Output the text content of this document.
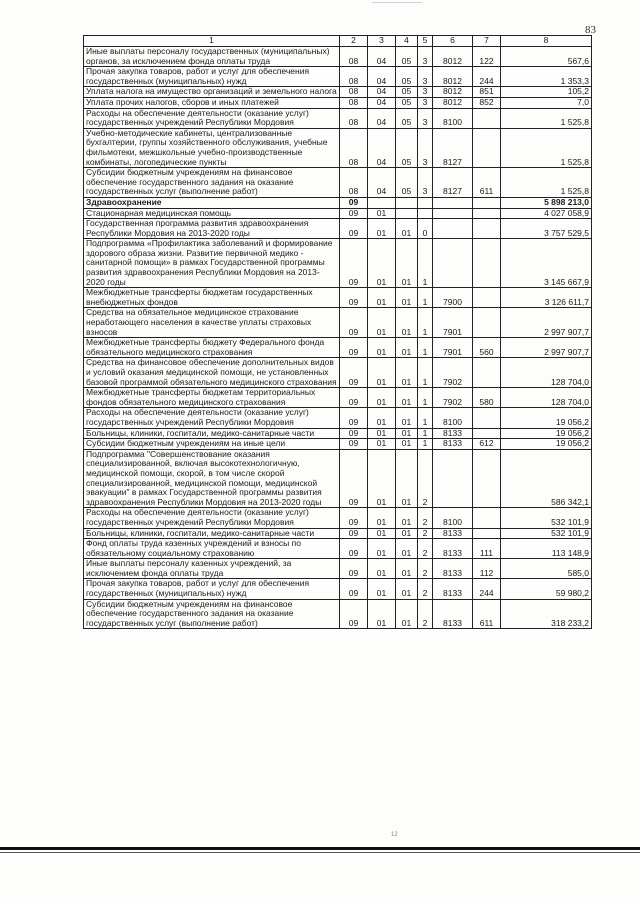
83
1	2	3	4	5	6	7	8
Иные выплаты персоналу государственных (муниципальных) органов, за исключением фонда оплаты труда	08	04	05	3	8012	122	567,6
Прочая закупка товаров, работ и услуг для обеспечения государственных (муниципальных) нужд	08	04	05	3	8012	244	1 353,3
Уплата налога на имущество организаций и земельного налога	08	04	05	3	8012	851	105,2
Уплата прочих налогов, сборов и иных платежей	08	04	05	3	8012	852	7,0
Расходы на обеспечение деятельности (оказание услуг) государственных учреждений Республики Мордовия	08	04	05	3	8100		1 525,8
Учебно-методические кабинеты, централизованные бухгалтерии, группы хозяйственного обслуживания, учебные фильмотеки, межшкольные учебно-производственные комбинаты, логопедические пункты	08	04	05	3	8127		1 525,8
Субсидии бюджетным учреждениям на финансовое обеспечение государственного задания на оказание государственных услуг (выполнение работ)	08	04	05	3	8127	611	1 525,8
Здравоохранение	09						5 898 213,0
Стационарная медицинская помощь	09	01					4 027 058,9
Государственная программа развития здравоохранения Республики Мордовия на 2013-2020 годы	09	01	01	0			3 757 529,5
Подпрограмма «Профилактика заболеваний и формирование здорового образа жизни. Развитие первичной медико - санитарной помощи» в рамках Государственной программы развития здравоохранения Республики Мордовия на 2013-2020 годы	09	01	01	1			3 145 667,9
Межбюджетные трансферты бюджетам государственных внебюджетных фондов	09	01	01	1	7900		3 126 611,7
Средства на обязательное медицинское страхование неработающего населения в качестве уплаты страховых взносов	09	01	01	1	7901		2 997 907,7
Межбюджетные трансферты бюджету Федерального фонда обязательного медицинского страхования	09	01	01	1	7901	560	2 997 907,7
Средства на финансовое обеспечение дополнительных видов и условий оказания медицинской помощи, не установленных базовой программой обязательного медицинского страхования	09	01	01	1	7902		128 704,0
Межбюджетные трансферты бюджетам территориальных фондов обязательного медицинского страхования	09	01	01	1	7902	580	128 704,0
Расходы на обеспечение деятельности (оказание услуг) государственных учреждений Республики Мордовия	09	01	01	1	8100		19 056,2
Больницы, клиники, госпитали, медико-санитарные части	09	01	01	1	8133		19 056,2
Субсидии бюджетным учреждениям на иные цели	09	01	01	1	8133	612	19 056,2
Подпрограмма "Совершенствование оказания специализированной, включая высокотехнологичную, медицинской помощи, скорой, в том числе скорой специализированной, медицинской помощи, медицинской эвакуации" в рамках Государственной программы развития здравоохранения Республики Мордовия на 2013-2020 годы	09	01	01	2			586 342,1
Расходы на обеспечение деятельности (оказание услуг) государственных учреждений Республики Мордовия	09	01	01	2	8100		532 101,9
Больницы, клиники, госпитали, медико-санитарные части	09	01	01	2	8133		532 101,9
Фонд оплаты труда казенных учреждений и взносы по обязательному социальному страхованию	09	01	01	2	8133	111	113 148,9
Иные выплаты персоналу казенных учреждений, за исключением фонда оплаты труда	09	01	01	2	8133	112	585,0
Прочая закупка товаров, работ и услуг для обеспечения государственных (муниципальных) нужд	09	01	01	2	8133	244	59 980,2
Субсидии бюджетным учреждениям на финансовое обеспечение государственного задания на оказание государственных услуг (выполнение работ)	09	01	01	2	8133	611	318 233,2
12
